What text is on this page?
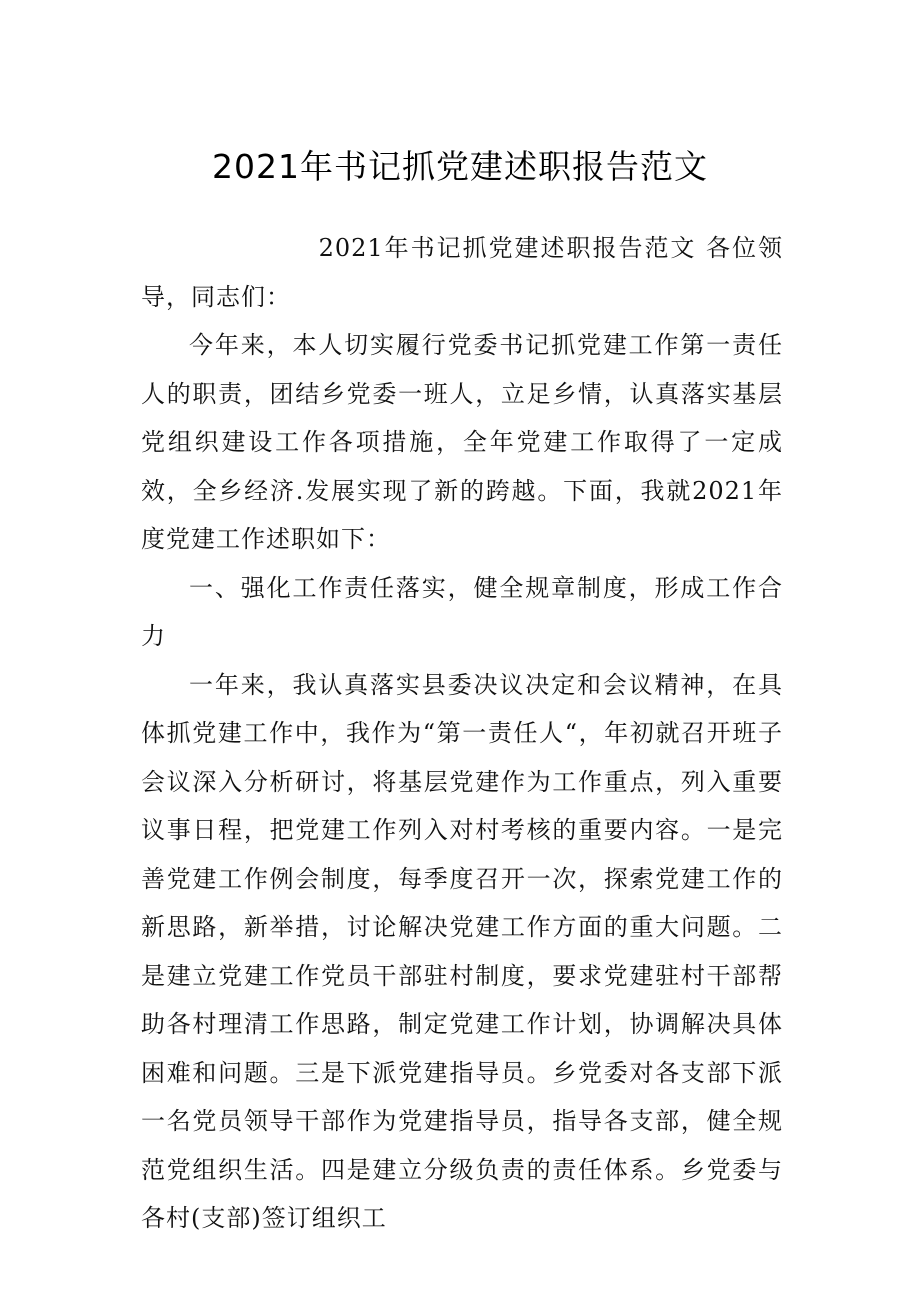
2021年书记抓党建述职报告范文

2021年书记抓党建述职报告范文 各位领导，同志们：

今年来，本人切实履行党委书记抓党建工作第一责任人的职责，团结乡党委一班人，立足乡情，认真落实基层党组织建设工作各项措施，全年党建工作取得了一定成效，全乡经济.发展实现了新的跨越。下面，我就2021年度党建工作述职如下：

一、强化工作责任落实，健全规章制度，形成工作合力

一年来，我认真落实县委决议决定和会议精神，在具体抓党建工作中，我作为“第一责任人“，年初就召开班子会议深入分析研讨，将基层党建作为工作重点，列入重要议事日程，把党建工作列入对村考核的重要内容。一是完善党建工作例会制度，每季度召开一次，探索党建工作的新思路，新举措，讨论解决党建工作方面的重大问题。二是建立党建工作党员干部驻村制度，要求党建驻村干部帮助各村理清工作思路，制定党建工作计划，协调解决具体困难和问题。三是下派党建指导员。乡党委对各支部下派一名党员领导干部作为党建指导员，指导各支部，健全规范党组织生活。四是建立分级负责的责任体系。乡党委与各村(支部)签订组织工
